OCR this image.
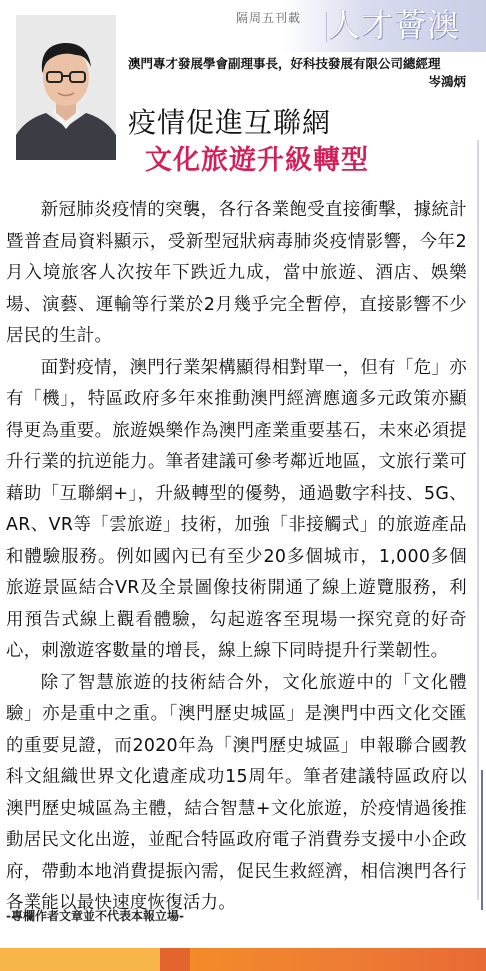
隔周五刊載 人才薈澳
澳門專才發展學會副理事長，好科技發展有限公司總經理
岑鴻炳
疫情促進互聯網
文化旅遊升級轉型

新冠肺炎疫情的突襲，各行各業飽受直接衝擊，據統計暨普查局資料顯示，受新型冠狀病毒肺炎疫情影響，今年2月入境旅客人次按年下跌近九成，當中旅遊、酒店、娛樂場、演藝、運輸等行業於2月幾乎完全暫停，直接影響不少居民的生計。

面對疫情，澳門行業架構顯得相對單一，但有「危」亦有「機」，特區政府多年來推動澳門經濟應適多元政策亦顯得更為重要。旅遊娛樂作為澳門產業重要基石，未來必須提升行業的抗逆能力。筆者建議可參考鄰近地區，文旅行業可藉助「互聯網+」，升級轉型的優勢，通過數字科技、5G、AR、VR等「雲旅遊」技術，加強「非接觸式」的旅遊產品和體驗服務。例如國內已有至少20多個城市，1,000多個旅遊景區結合VR及全景圖像技術開通了線上遊覽服務，利用預告式線上觀看體驗，勾起遊客至現場一探究竟的好奇心，刺激遊客數量的增長，線上線下同時提升行業韌性。

除了智慧旅遊的技術結合外，文化旅遊中的「文化體驗」亦是重中之重。「澳門歷史城區」是澳門中西文化交匯的重要見證，而2020年為「澳門歷史城區」申報聯合國教科文組織世界文化遺產成功15周年。筆者建議特區政府以澳門歷史城區為主體，結合智慧+文化旅遊，於疫情過後推動居民文化出遊，並配合特區政府電子消費券支援中小企政府，帶動本地消費提振內需，促民生救經濟，相信澳門各行各業能以最快速度恢復活力。

-專欄作者文章並不代表本報立場-
